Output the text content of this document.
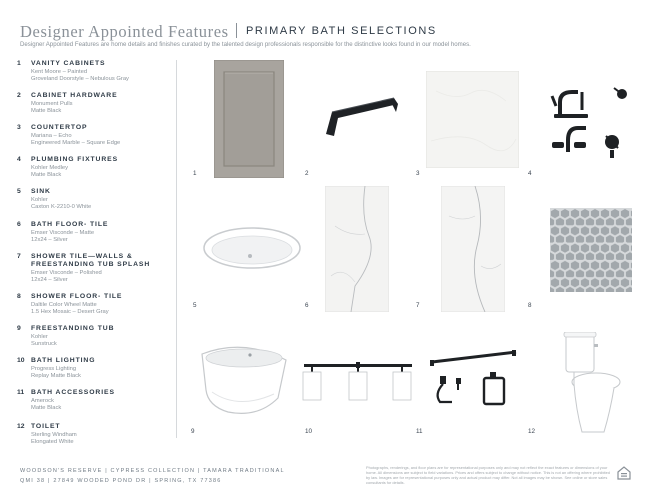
Designer Appointed Features PRIMARY BATH SELECTIONS
Designer Appointed Features are home details and finishes curated by the talented design professionals responsible for the distinctive looks found in our model homes.
1 VANITY CABINETS
Kent Moore – Painted
Groveland Doorstyle – Nebulous Gray
2 CABINET HARDWARE
Monument Pulls
Matte Black
3 COUNTERTOP
Mariana – Echo
Engineered Marble – Square Edge
4 PLUMBING FIXTURES
Kohler Medley
Matte Black
5 SINK
Kohler
Caxton K-2210-0 White
6 BATH FLOOR- TILE
Emser Visconde – Matte
12x24 – Silver
7 SHOWER TILE—WALLS &
FREESTANDING TUB SPLASH
Emser Visconde – Polished
12x24 – Silver
8 SHOWER FLOOR- TILE
Daltile Color Wheel Matte
1.5 Hex Mosaic – Desert Gray
9 FREESTANDING TUB
Kohler
Sunstruck
10 BATH LIGHTING
Progress Lighting
Replay Matte Black
11 BATH ACCESSORIES
Amerock
Matte Black
12 TOILET
Sterling Windham
Elongated White
1	2	3	4
5	6	7	8
9	10	11	12
WOODSON'S RESERVE | CYPRESS COLLECTION | TAMARA TRADITIONAL
QMI 38 | 27849 WOODED POND DR | SPRING, TX 77386
Photographs, renderings, and floor plans are for representational purposes only and may not reflect the exact features or dimensions of your home. All dimensions are subject to field variations. Prices and offers subject to change without notice. This is not an offering where prohibited by law. Images are for representational purposes only and actual product may differ. Not all images may be shown. See online or store sales consultants for details.
